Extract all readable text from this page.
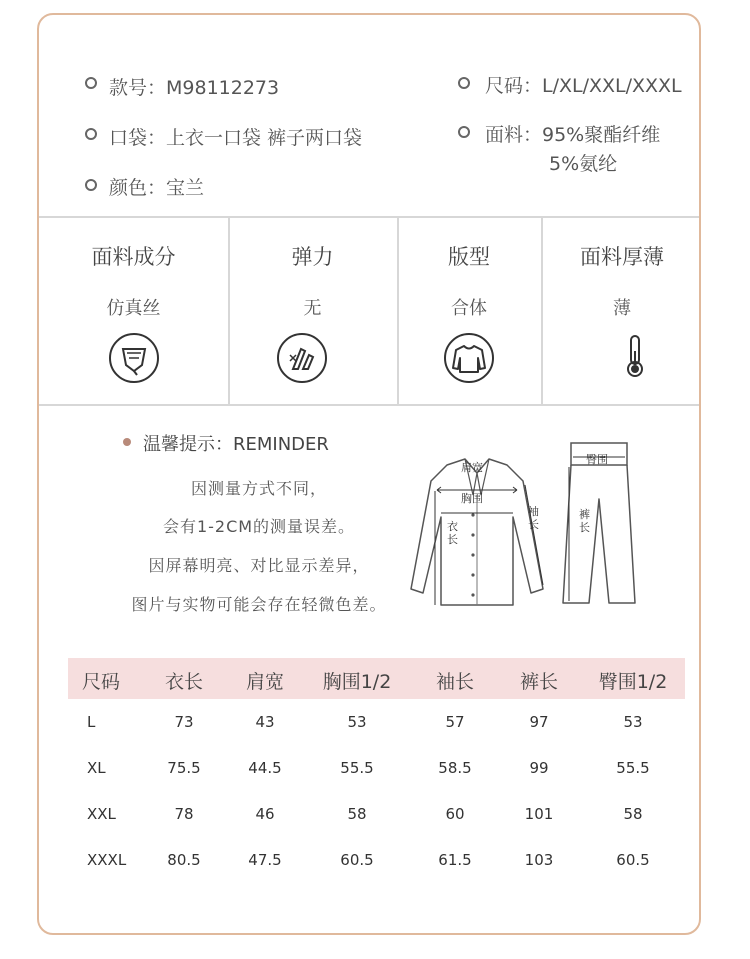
款号：M98112273	尺码：L/XL/XXL/XXXL
口袋：上衣一口袋 裤子两口袋	面料：95%聚酯纤维
5%氨纶
颜色：宝兰
面料成分
仿真丝
弹力
无
版型
合体
面料厚薄
薄
温馨提示：REMINDER
因测量方式不同，
会有1-2CM的测量误差。
因屏幕明亮、对比显示差异，
图片与实物可能会存在轻微色差。
肩宽
胸围
衣长
袖长
臀围
裤长
尺码	衣长	肩宽	胸围1/2	袖长	裤长	臀围1/2
L	73	43	53	57	97	53
XL	75.5	44.5	55.5	58.5	99	55.5
XXL	78	46	58	60	101	58
XXXL	80.5	47.5	60.5	61.5	103	60.5
